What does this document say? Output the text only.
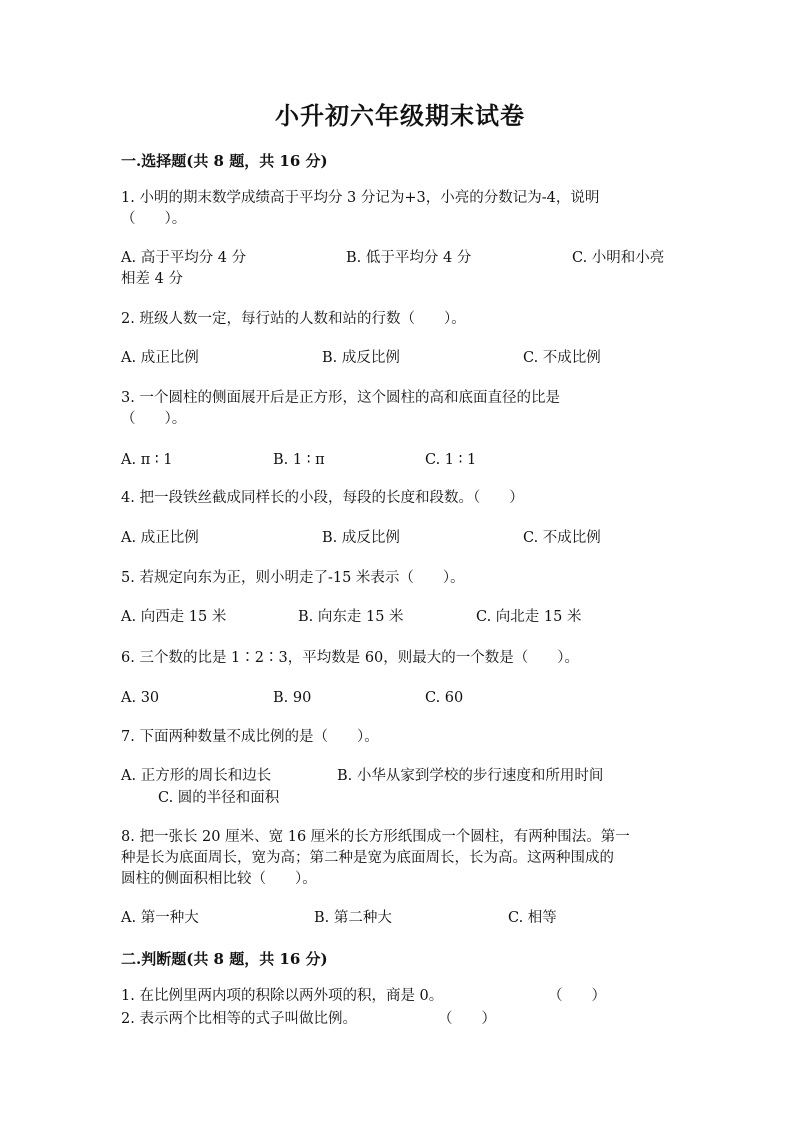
小升初六年级期末试卷
一.选择题(共 8 题，共 16 分)
1. 小明的期末数学成绩高于平均分 3 分记为+3，小亮的分数记为-4，说明
（　　）。
A. 高于平均分 4 分	B. 低于平均分 4 分	C. 小明和小亮
相差 4 分
2. 班级人数一定，每行站的人数和站的行数（　　）。
A. 成正比例	B. 成反比例	C. 不成比例
3. 一个圆柱的侧面展开后是正方形，这个圆柱的高和底面直径的比是
（　　）。
A. π ∶ 1	B. 1 ∶ π	C. 1 ∶ 1
4. 把一段铁丝截成同样长的小段，每段的长度和段数。（　　）
A. 成正比例	B. 成反比例	C. 不成比例
5. 若规定向东为正，则小明走了-15 米表示（　　）。
A. 向西走 15 米	B. 向东走 15 米	C. 向北走 15 米
6. 三个数的比是 1∶2∶3，平均数是 60，则最大的一个数是（　　）。
A. 30	B. 90	C. 60
7. 下面两种数量不成比例的是（　　）。
A. 正方形的周长和边长	B. 小华从家到学校的步行速度和所用时间
C. 圆的半径和面积
8. 把一张长 20 厘米、宽 16 厘米的长方形纸围成一个圆柱，有两种围法。第一
种是长为底面周长，宽为高；第二种是宽为底面周长，长为高。这两种围成的
圆柱的侧面积相比较（　　）。
A. 第一种大	B. 第二种大	C. 相等
二.判断题(共 8 题，共 16 分)
1. 在比例里两内项的积除以两外项的积，商是 0。	（　　）
2. 表示两个比相等的式子叫做比例。	（　　）
